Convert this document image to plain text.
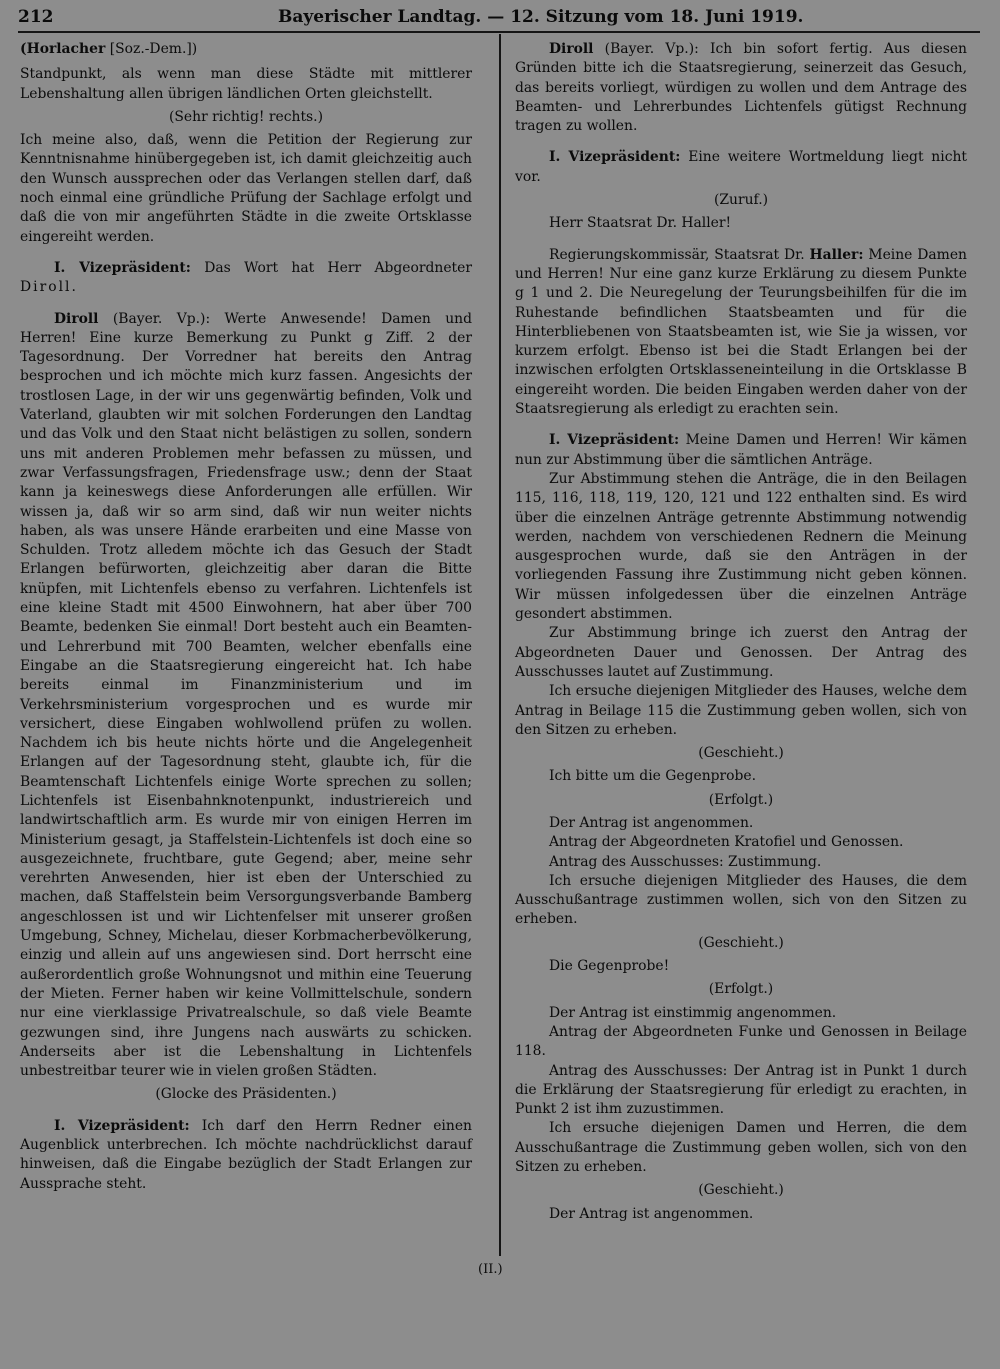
212	Bayerischer Landtag. — 12. Sitzung vom 18. Juni 1919.

(Horlacher [Soz.-Dem.])

Standpunkt, als wenn man diese Städte mit mittlerer Lebenshaltung allen übrigen ländlichen Orten gleichstellt.

(Sehr richtig! rechts.)

Ich meine also, daß, wenn die Petition der Regierung zur Kenntnisnahme hinübergegeben ist, ich damit gleichzeitig auch den Wunsch aussprechen oder das Verlangen stellen darf, daß noch einmal eine gründliche Prüfung der Sachlage erfolgt und daß die von mir angeführten Städte in die zweite Ortsklasse eingereiht werden.

I. Vizepräsident: Das Wort hat Herr Abgeordneter Diroll.

Diroll (Bayer. Vp.): Werte Anwesende! Damen und Herren! Eine kurze Bemerkung zu Punkt g Ziff. 2 der Tagesordnung. Der Vorredner hat bereits den Antrag besprochen und ich möchte mich kurz fassen. Angesichts der trostlosen Lage, in der wir uns gegenwärtig befinden, Volk und Vaterland, glaubten wir mit solchen Forderungen den Landtag und das Volk und den Staat nicht belästigen zu sollen, sondern uns mit anderen Problemen mehr befassen zu müssen, und zwar Verfassungsfragen, Friedensfrage usw.; denn der Staat kann ja keineswegs diese Anforderungen alle erfüllen. Wir wissen ja, daß wir so arm sind, daß wir nun weiter nichts haben, als was unsere Hände erarbeiten und eine Masse von Schulden. Trotz alledem möchte ich das Gesuch der Stadt Erlangen befürworten, gleichzeitig aber daran die Bitte knüpfen, mit Lichtenfels ebenso zu verfahren. Lichtenfels ist eine kleine Stadt mit 4500 Einwohnern, hat aber über 700 Beamte, bedenken Sie einmal! Dort besteht auch ein Beamten- und Lehrerbund mit 700 Beamten, welcher ebenfalls eine Eingabe an die Staatsregierung eingereicht hat. Ich habe bereits einmal im Finanzministerium und im Verkehrsministerium vorgesprochen und es wurde mir versichert, diese Eingaben wohlwollend prüfen zu wollen. Nachdem ich bis heute nichts hörte und die Angelegenheit Erlangen auf der Tagesordnung steht, glaubte ich, für die Beamtenschaft Lichtenfels einige Worte sprechen zu sollen; Lichtenfels ist Eisenbahnknotenpunkt, industriereich und landwirtschaftlich arm. Es wurde mir von einigen Herren im Ministerium gesagt, ja Staffelstein-Lichtenfels ist doch eine so ausgezeichnete, fruchtbare, gute Gegend; aber, meine sehr verehrten Anwesenden, hier ist eben der Unterschied zu machen, daß Staffelstein beim Versorgungsverbande Bamberg angeschlossen ist und wir Lichtenfelser mit unserer großen Umgebung, Schney, Michelau, dieser Korbmacherbevölkerung, einzig und allein auf uns angewiesen sind. Dort herrscht eine außerordentlich große Wohnungsnot und mithin eine Teuerung der Mieten. Ferner haben wir keine Vollmittelschule, sondern nur eine vierklassige Privatrealschule, so daß viele Beamte gezwungen sind, ihre Jungens nach auswärts zu schicken. Anderseits aber ist die Lebenshaltung in Lichtenfels unbestreitbar teurer wie in vielen großen Städten.

(Glocke des Präsidenten.)

I. Vizepräsident: Ich darf den Herrn Redner einen Augenblick unterbrechen. Ich möchte nachdrücklichst darauf hinweisen, daß die Eingabe bezüglich der Stadt Erlangen zur Aussprache steht.

Diroll (Bayer. Vp.): Ich bin sofort fertig. Aus diesen Gründen bitte ich die Staatsregierung, seinerzeit das Gesuch, das bereits vorliegt, würdigen zu wollen und dem Antrage des Beamten- und Lehrerbundes Lichtenfels gütigst Rechnung tragen zu wollen.

I. Vizepräsident: Eine weitere Wortmeldung liegt nicht vor.

(Zuruf.)

Herr Staatsrat Dr. Haller!

Regierungskommissär, Staatsrat Dr. Haller: Meine Damen und Herren! Nur eine ganz kurze Erklärung zu diesem Punkte g 1 und 2. Die Neuregelung der Teurungsbeihilfen für die im Ruhestande befindlichen Staatsbeamten und für die Hinterbliebenen von Staatsbeamten ist, wie Sie ja wissen, vor kurzem erfolgt. Ebenso ist bei die Stadt Erlangen bei der inzwischen erfolgten Ortsklasseneinteilung in die Ortsklasse B eingereiht worden. Die beiden Eingaben werden daher von der Staatsregierung als erledigt zu erachten sein.

I. Vizepräsident: Meine Damen und Herren! Wir kämen nun zur Abstimmung über die sämtlichen Anträge.

Zur Abstimmung stehen die Anträge, die in den Beilagen 115, 116, 118, 119, 120, 121 und 122 enthalten sind. Es wird über die einzelnen Anträge getrennte Abstimmung notwendig werden, nachdem von verschiedenen Rednern die Meinung ausgesprochen wurde, daß sie den Anträgen in der vorliegenden Fassung ihre Zustimmung nicht geben können. Wir müssen infolgedessen über die einzelnen Anträge gesondert abstimmen.

Zur Abstimmung bringe ich zuerst den Antrag der Abgeordneten Dauer und Genossen. Der Antrag des Ausschusses lautet auf Zustimmung.

Ich ersuche diejenigen Mitglieder des Hauses, welche dem Antrag in Beilage 115 die Zustimmung geben wollen, sich von den Sitzen zu erheben.

(Geschieht.)

Ich bitte um die Gegenprobe.

(Erfolgt.)

Der Antrag ist angenommen.

Antrag der Abgeordneten Kratofiel und Genossen.

Antrag des Ausschusses: Zustimmung.

Ich ersuche diejenigen Mitglieder des Hauses, die dem Ausschußantrage zustimmen wollen, sich von den Sitzen zu erheben.

(Geschieht.)

Die Gegenprobe!

(Erfolgt.)

Der Antrag ist einstimmig angenommen.

Antrag der Abgeordneten Funke und Genossen in Beilage 118.

Antrag des Ausschusses: Der Antrag ist in Punkt 1 durch die Erklärung der Staatsregierung für erledigt zu erachten, in Punkt 2 ist ihm zuzustimmen.

Ich ersuche diejenigen Damen und Herren, die dem Ausschußantrage die Zustimmung geben wollen, sich von den Sitzen zu erheben.

(Geschieht.)

Der Antrag ist angenommen.

(II.)
